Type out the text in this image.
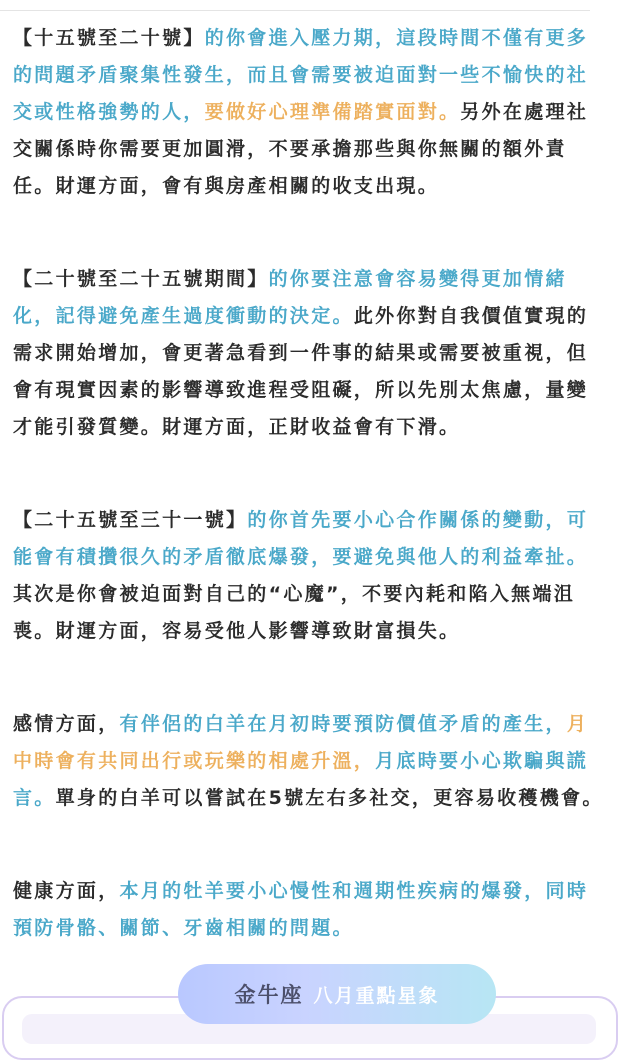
【十五號至二十號】的你會進入壓力期，這段時間不僅有更多的問題矛盾聚集性發生，而且會需要被迫面對一些不愉快的社交或性格強勢的人，要做好心理準備踏實面對。另外在處理社交關係時你需要更加圓滑，不要承擔那些與你無關的額外責任。財運方面，會有與房產相關的收支出現。

【二十號至二十五號期間】的你要注意會容易變得更加情緒化，記得避免產生過度衝動的決定。此外你對自我價值實現的需求開始增加，會更著急看到一件事的結果或需要被重視，但會有現實因素的影響導致進程受阻礙，所以先別太焦慮，量變才能引發質變。財運方面，正財收益會有下滑。

【二十五號至三十一號】的你首先要小心合作關係的變動，可能會有積攢很久的矛盾徹底爆發，要避免與他人的利益牽扯。其次是你會被迫面對自己的“心魔”，不要內耗和陷入無端沮喪。財運方面，容易受他人影響導致財富損失。

感情方面，有伴侶的白羊在月初時要預防價值矛盾的產生，月中時會有共同出行或玩樂的相處升溫，月底時要小心欺騙與謊言。單身的白羊可以嘗試在5號左右多社交，更容易收穫機會。

健康方面，本月的牡羊要小心慢性和週期性疾病的爆發，同時預防骨骼、關節、牙齒相關的問題。

金牛座 八月重點星象
